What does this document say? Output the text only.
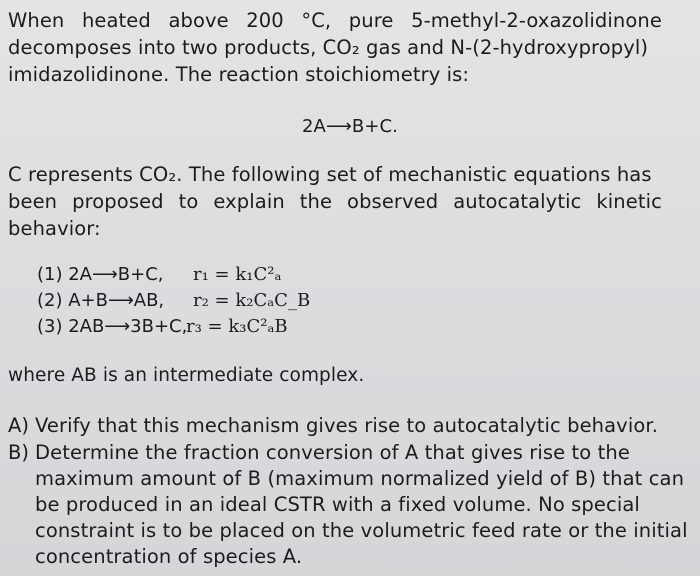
When heated above 200 °C, pure 5-methyl-2-oxazolidinone
decomposes into two products, CO₂ gas and N-(2-hydroxypropyl)
imidazolidinone. The reaction stoichiometry is:
2A⟶B+C.
C represents CO₂. The following set of mechanistic equations has
been proposed to explain the observed autocatalytic kinetic
behavior:
(1) 2A⟶B+C, r₁ = k₁C²ₐ
(2) A+B⟶AB, r₂ = k₂CₐC_B
(3) 2AB⟶3B+C,
r₃ = k₃C²ₐB
where AB is an intermediate complex.
A) Verify that this mechanism gives rise to autocatalytic behavior.
B) Determine the fraction conversion of A that gives rise to the
maximum amount of B (maximum normalized yield of B) that can
be produced in an ideal CSTR with a fixed volume. No special
constraint is to be placed on the volumetric feed rate or the initial
concentration of species A.
